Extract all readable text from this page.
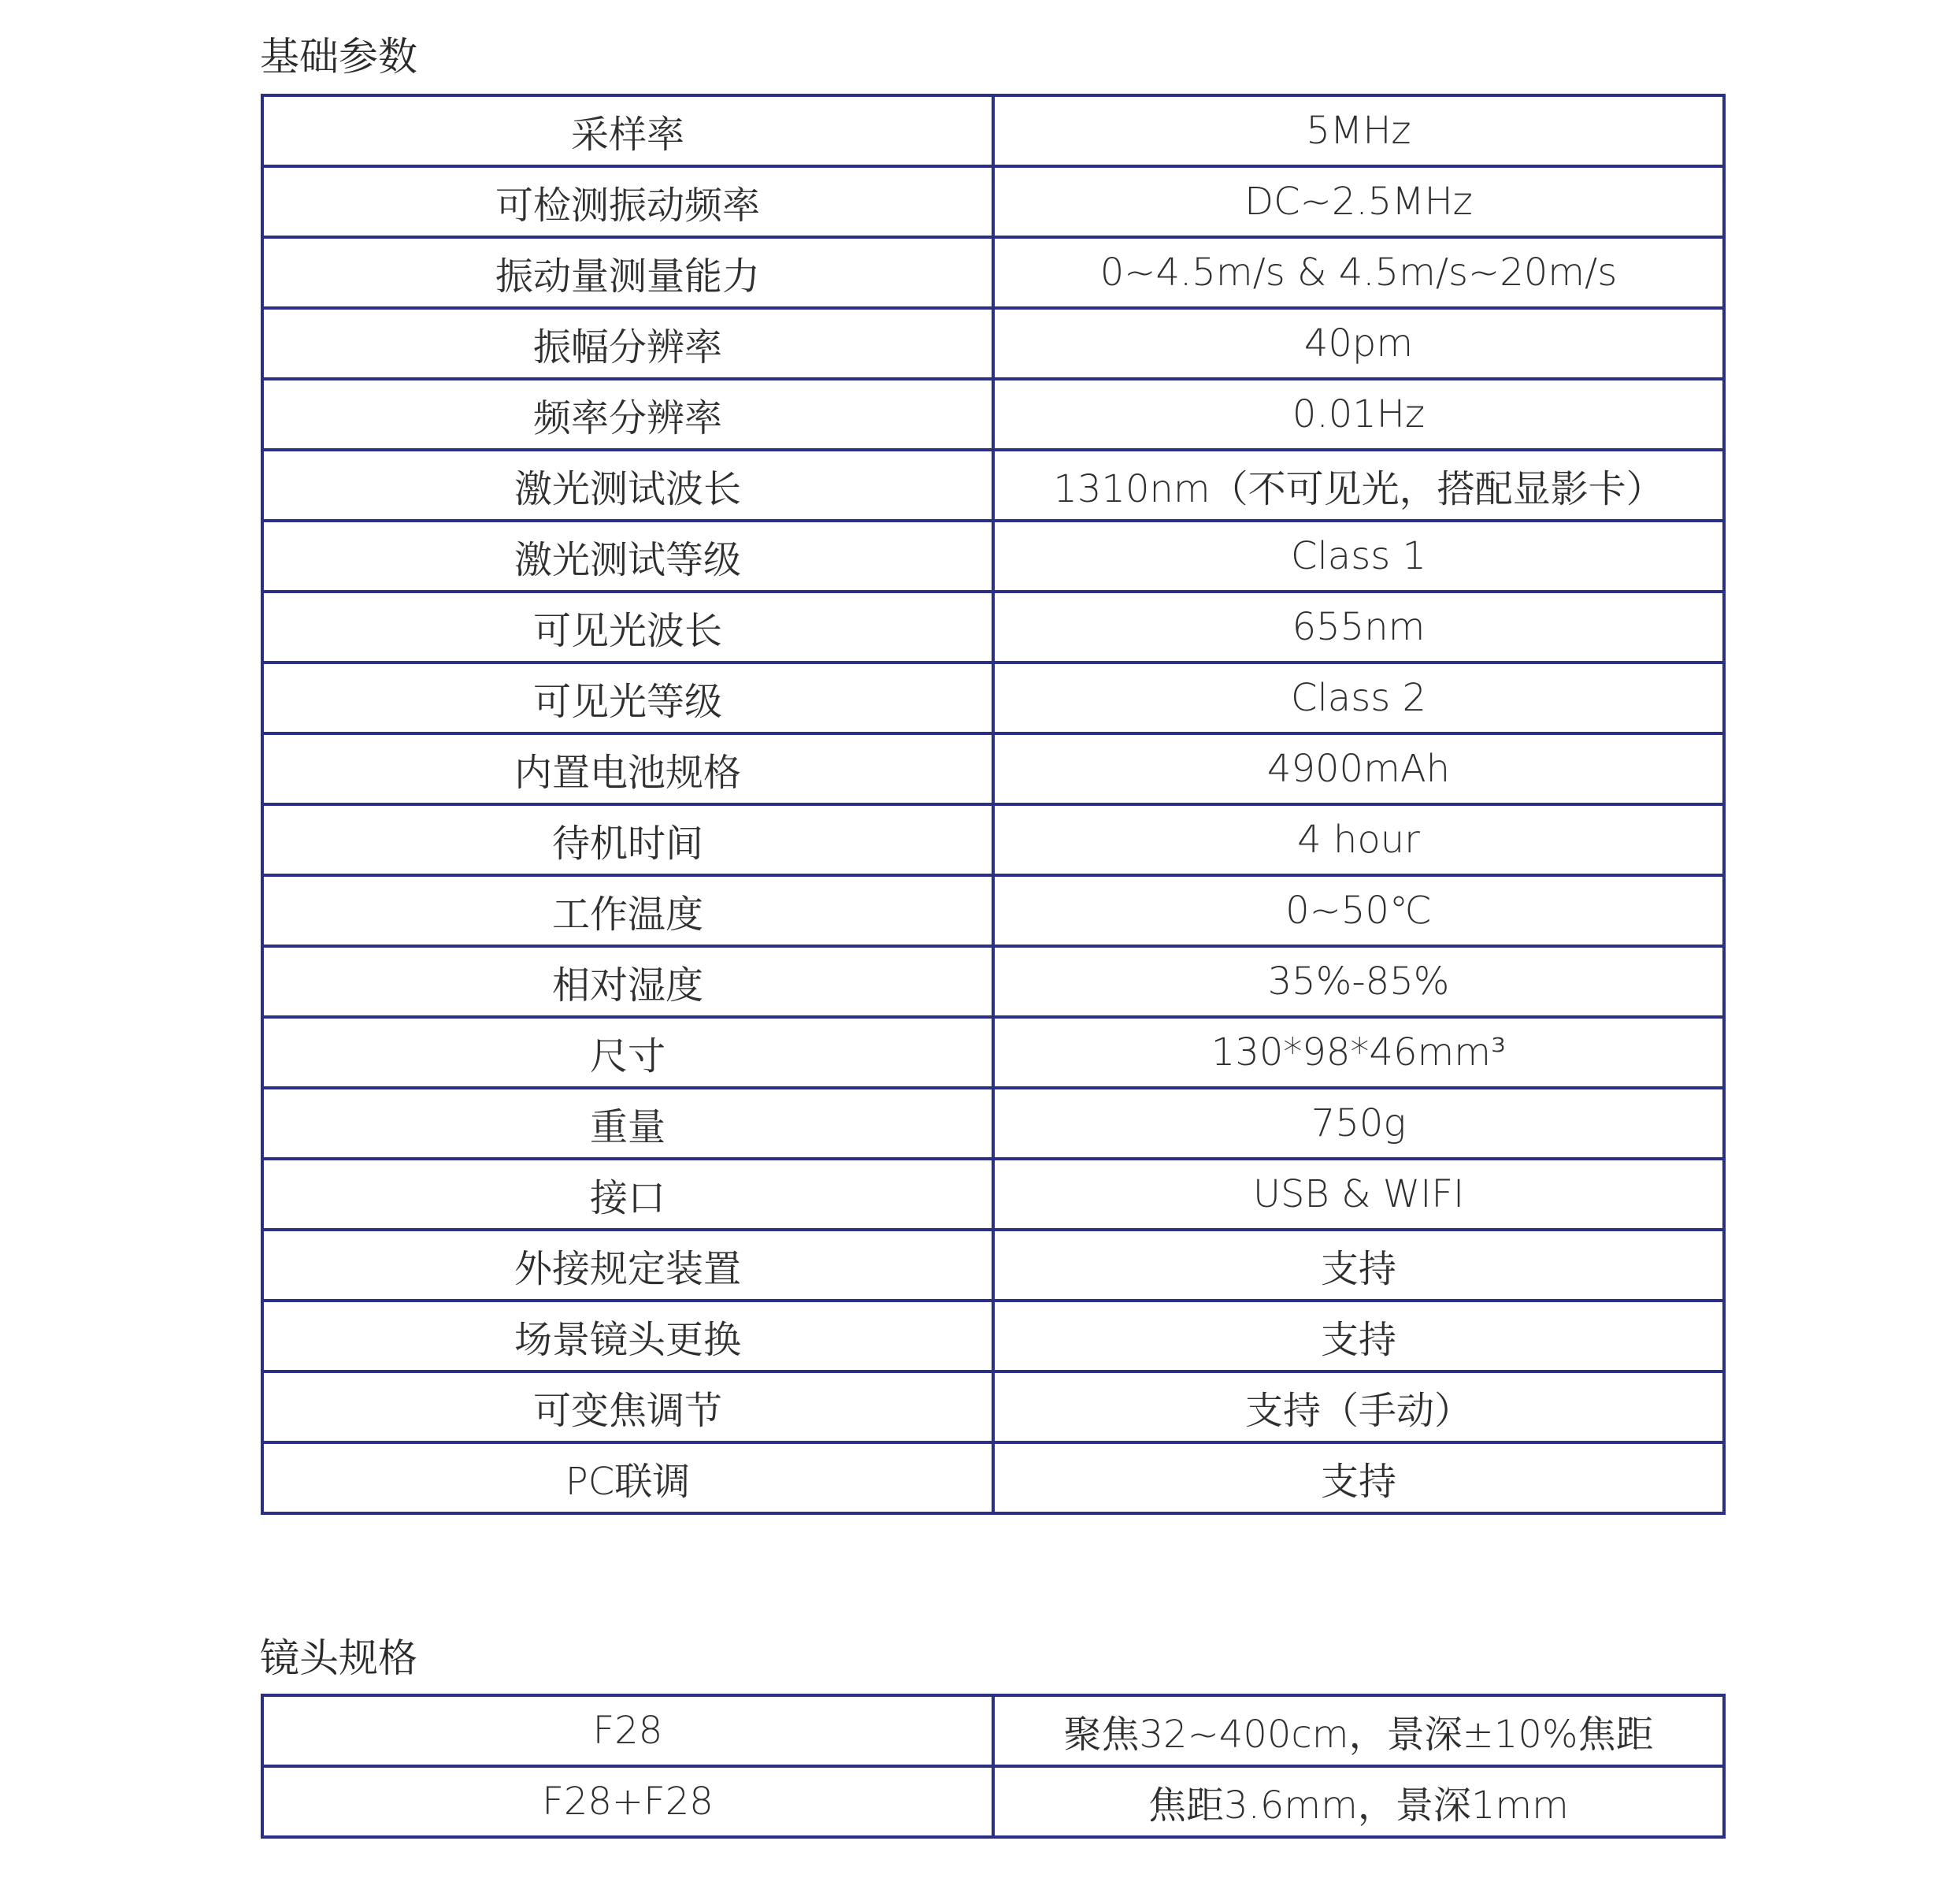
基础参数
采样率	5MHz
可检测振动频率	DC~2.5MHz
振动量测量能力	0~4.5m/s & 4.5m/s~20m/s
振幅分辨率	40pm
频率分辨率	0.01Hz
激光测试波长	1310nm（不可见光，搭配显影卡）
激光测试等级	Class 1
可见光波长	655nm
可见光等级	Class 2
内置电池规格	4900mAh
待机时间	4 hour
工作温度	0~50℃
相对湿度	35%-85%
尺寸	130*98*46mm³
重量	750g
接口	USB & WIFI
外接规定装置	支持
场景镜头更换	支持
可变焦调节	支持（手动）
PC联调	支持
镜头规格
F28	聚焦32~400cm，景深±10%焦距
F28+F28	焦距3.6mm，景深1mm
